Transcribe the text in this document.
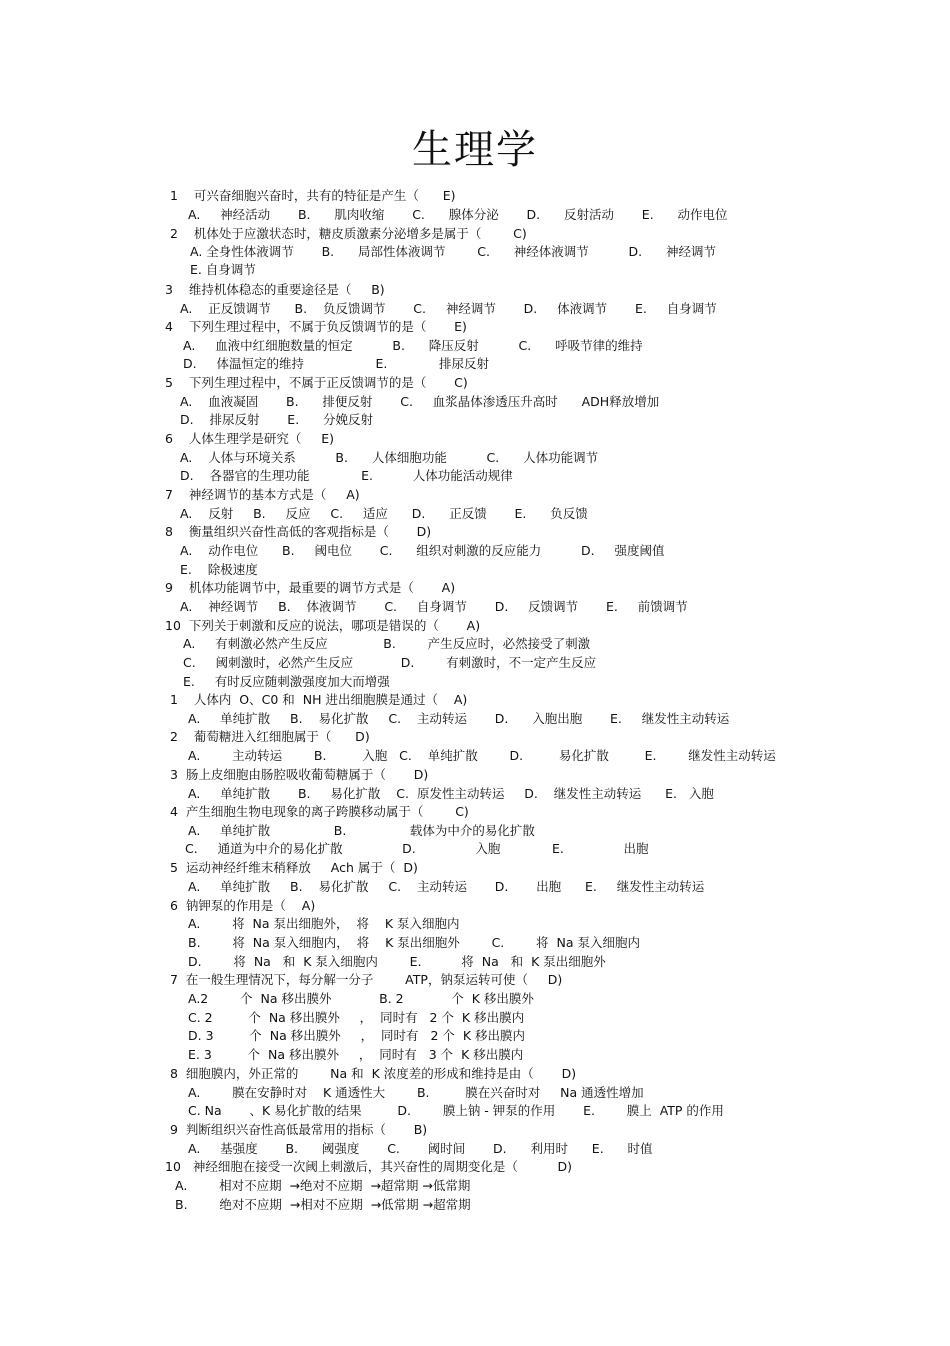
生理学
1    可兴奋细胞兴奋时，共有的特征是产生（      E)
A.     神经活动       B.      肌肉收缩       C.      腺体分泌       D.      反射活动       E.      动作电位
2    机体处于应激状态时，糖皮质激素分泌增多是属于（        C)
A. 全身性体液调节       B.      局部性体液调节        C.      神经体液调节          D.      神经调节
E. 自身调节
3    维持机体稳态的重要途径是（     B)
A.    正反馈调节      B.    负反馈调节       C.     神经调节       D.     体液调节       E.     自身调节
4    下列生理过程中，不属于负反馈调节的是（       E)
A.     血液中红细胞数量的恒定          B.      降压反射          C.      呼吸节律的维持
D.     体温恒定的维持                  E.             排尿反射
5    下列生理过程中，不属于正反馈调节的是（       C)
A.    血液凝固       B.      排便反射       C.     血浆晶体渗透压升高时      ADH释放增加
D.    排尿反射       E.      分娩反射
6    人体生理学是研究（     E)
A.    人体与环境关系          B.      人体细胞功能          C.      人体功能调节
D.    各器官的生理功能             E.          人体功能活动规律
7    神经调节的基本方式是（     A)
A.    反射     B.     反应     C.     适应      D.      正反馈       E.      负反馈
8    衡量组织兴奋性高低的客观指标是（       D)
A.    动作电位      B.     阈电位       C.      组织对刺激的反应能力          D.     强度阈值
E.    除极速度
9    机体功能调节中，最重要的调节方式是（       A)
A.    神经调节     B.    体液调节       C.     自身调节       D.     反馈调节       E.     前馈调节
10  下列关于刺激和反应的说法，哪项是错误的（       A)
A.     有刺激必然产生反应              B.        产生反应时，必然接受了刺激
C.     阈刺激时，必然产生反应            D.        有刺激时，不一定产生反应
E.     有时反应随刺激强度加大而增强
1    人体内  O、C0 和  NH 进出细胞膜是通过（    A)
A.     单纯扩散     B.    易化扩散     C.    主动转运       D.      入胞出胞       E.     继发性主动转运
2    葡萄糖进入红细胞属于（      D)
A.        主动转运        B.         入胞   C.    单纯扩散        D.         易化扩散         E.        继发性主动转运
3  肠上皮细胞由肠腔吸收葡萄糖属于（       D)
A.     单纯扩散       B.     易化扩散    C.  原发性主动转运     D.    继发性主动转运      E.   入胞
4  产生细胞生物电现象的离子跨膜移动属于（        C)
A.     单纯扩散                B.                载体为中介的易化扩散
C.     通道为中介的易化扩散               D.               入胞             E.               出胞
5  运动神经纤维末稍释放     Ach 属于（  D)
A.     单纯扩散     B.    易化扩散     C.    主动转运       D.       出胞      E.     继发性主动转运
6  钠钾泵的作用是（    A)
A.        将  Na 泵出细胞外，  将    K 泵入细胞内
B.        将  Na 泵入细胞内，  将    K 泵出细胞外        C.        将  Na 泵入细胞内
D.        将  Na   和  K 泵入细胞内        E.          将  Na   和  K 泵出细胞外
7  在一般生理情况下，每分解一分子        ATP，钠泵运转可使（     D)
A.2        个  Na 移出膜外            B. 2            个  K 移出膜外
C. 2         个  Na 移出膜外     ，  同时有   2 个  K 移出膜内
D. 3         个  Na 移出膜外     ，  同时有   2 个  K 移出膜内
E. 3         个  Na 移出膜外     ，  同时有   3 个  K 移出膜内
8  细胞膜内，外正常的        Na 和  K 浓度差的形成和维持是由（       D)
A.        膜在安静时对    K 通透性大        B.         膜在兴奋时对     Na 通透性增加
C. Na       、K 易化扩散的结果         D.        膜上钠 - 钾泵的作用       E.        膜上  ATP 的作用
9  判断组织兴奋性高低最常用的指标（       B)
A.     基强度       B.      阈强度       C.       阈时间       D.      利用时      E.      时值
10   神经细胞在接受一次阈上刺激后，其兴奋性的周期变化是（          D)
A.        相对不应期  →绝对不应期  →超常期 →低常期
B.        绝对不应期  →相对不应期  →低常期 →超常期
